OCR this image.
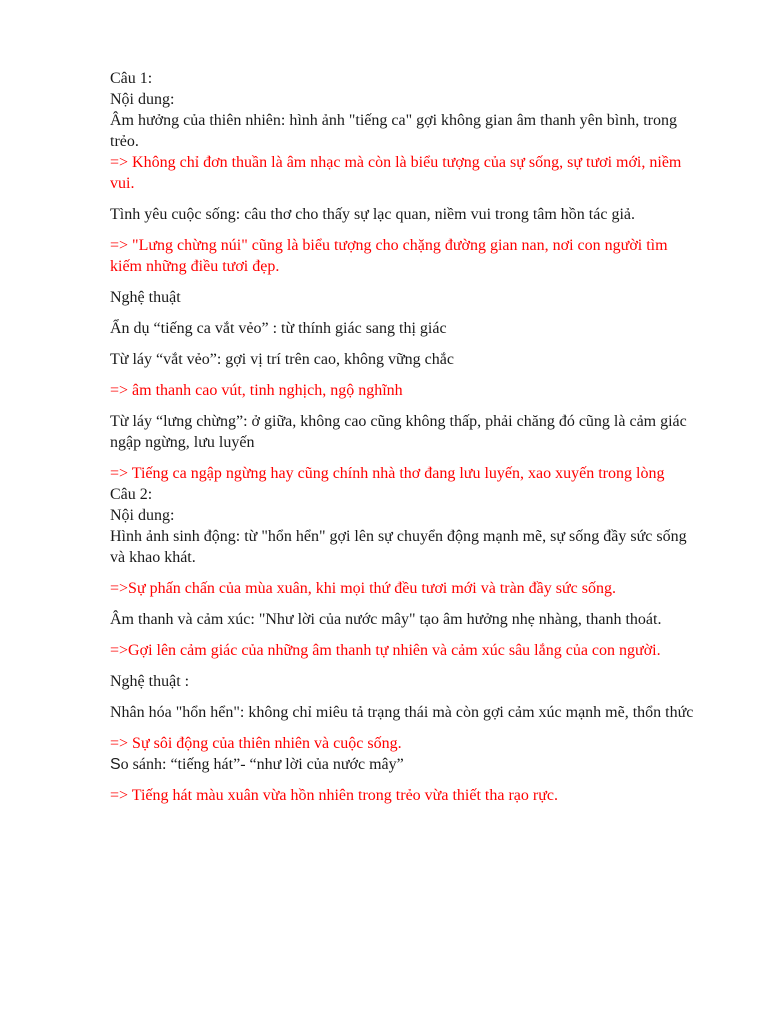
Câu 1:

Nội dung:

Âm hưởng của thiên nhiên: hình ảnh "tiếng ca" gợi không gian âm thanh yên bình, trong trẻo.

=> Không chỉ đơn thuần là âm nhạc mà còn là biểu tượng của sự sống, sự tươi mới, niềm vui.

Tình yêu cuộc sống: câu thơ cho thấy sự lạc quan, niềm vui trong tâm hồn tác giả.

=> "Lưng chừng núi" cũng là biểu tượng cho chặng đường gian nan, nơi con người tìm kiếm những điều tươi đẹp.

Nghệ thuật

Ẩn dụ “tiếng ca vắt vẻo” : từ thính giác sang thị giác

Từ láy “vắt vẻo”: gợi vị trí trên cao, không vững chắc

=> âm thanh cao vút, tinh nghịch, ngộ nghĩnh

Từ láy “lưng chừng”: ở giữa, không cao cũng không thấp, phải chăng đó cũng là cảm giác ngập ngừng, lưu luyến

=> Tiếng ca ngập ngừng hay cũng chính nhà thơ đang lưu luyến, xao xuyến trong lòng

Câu 2:

Nội dung:

Hình ảnh sinh động: từ "hổn hển" gợi lên sự chuyển động mạnh mẽ, sự sống đầy sức sống và khao khát.

=>Sự phấn chấn của mùa xuân, khi mọi thứ đều tươi mới và tràn đầy sức sống.

Âm thanh và cảm xúc: "Như lời của nước mây" tạo âm hưởng nhẹ nhàng, thanh thoát.

=>Gợi lên cảm giác của những âm thanh tự nhiên và cảm xúc sâu lắng của con người.

Nghệ thuật :

Nhân hóa "hổn hển": không chỉ miêu tả trạng thái mà còn gợi cảm xúc mạnh mẽ, thổn thức

=> Sự sôi động của thiên nhiên và cuộc sống.

So sánh: “tiếng hát”- “như lời của nước mây”

=> Tiếng hát màu xuân vừa hồn nhiên trong trẻo vừa thiết tha rạo rực.
